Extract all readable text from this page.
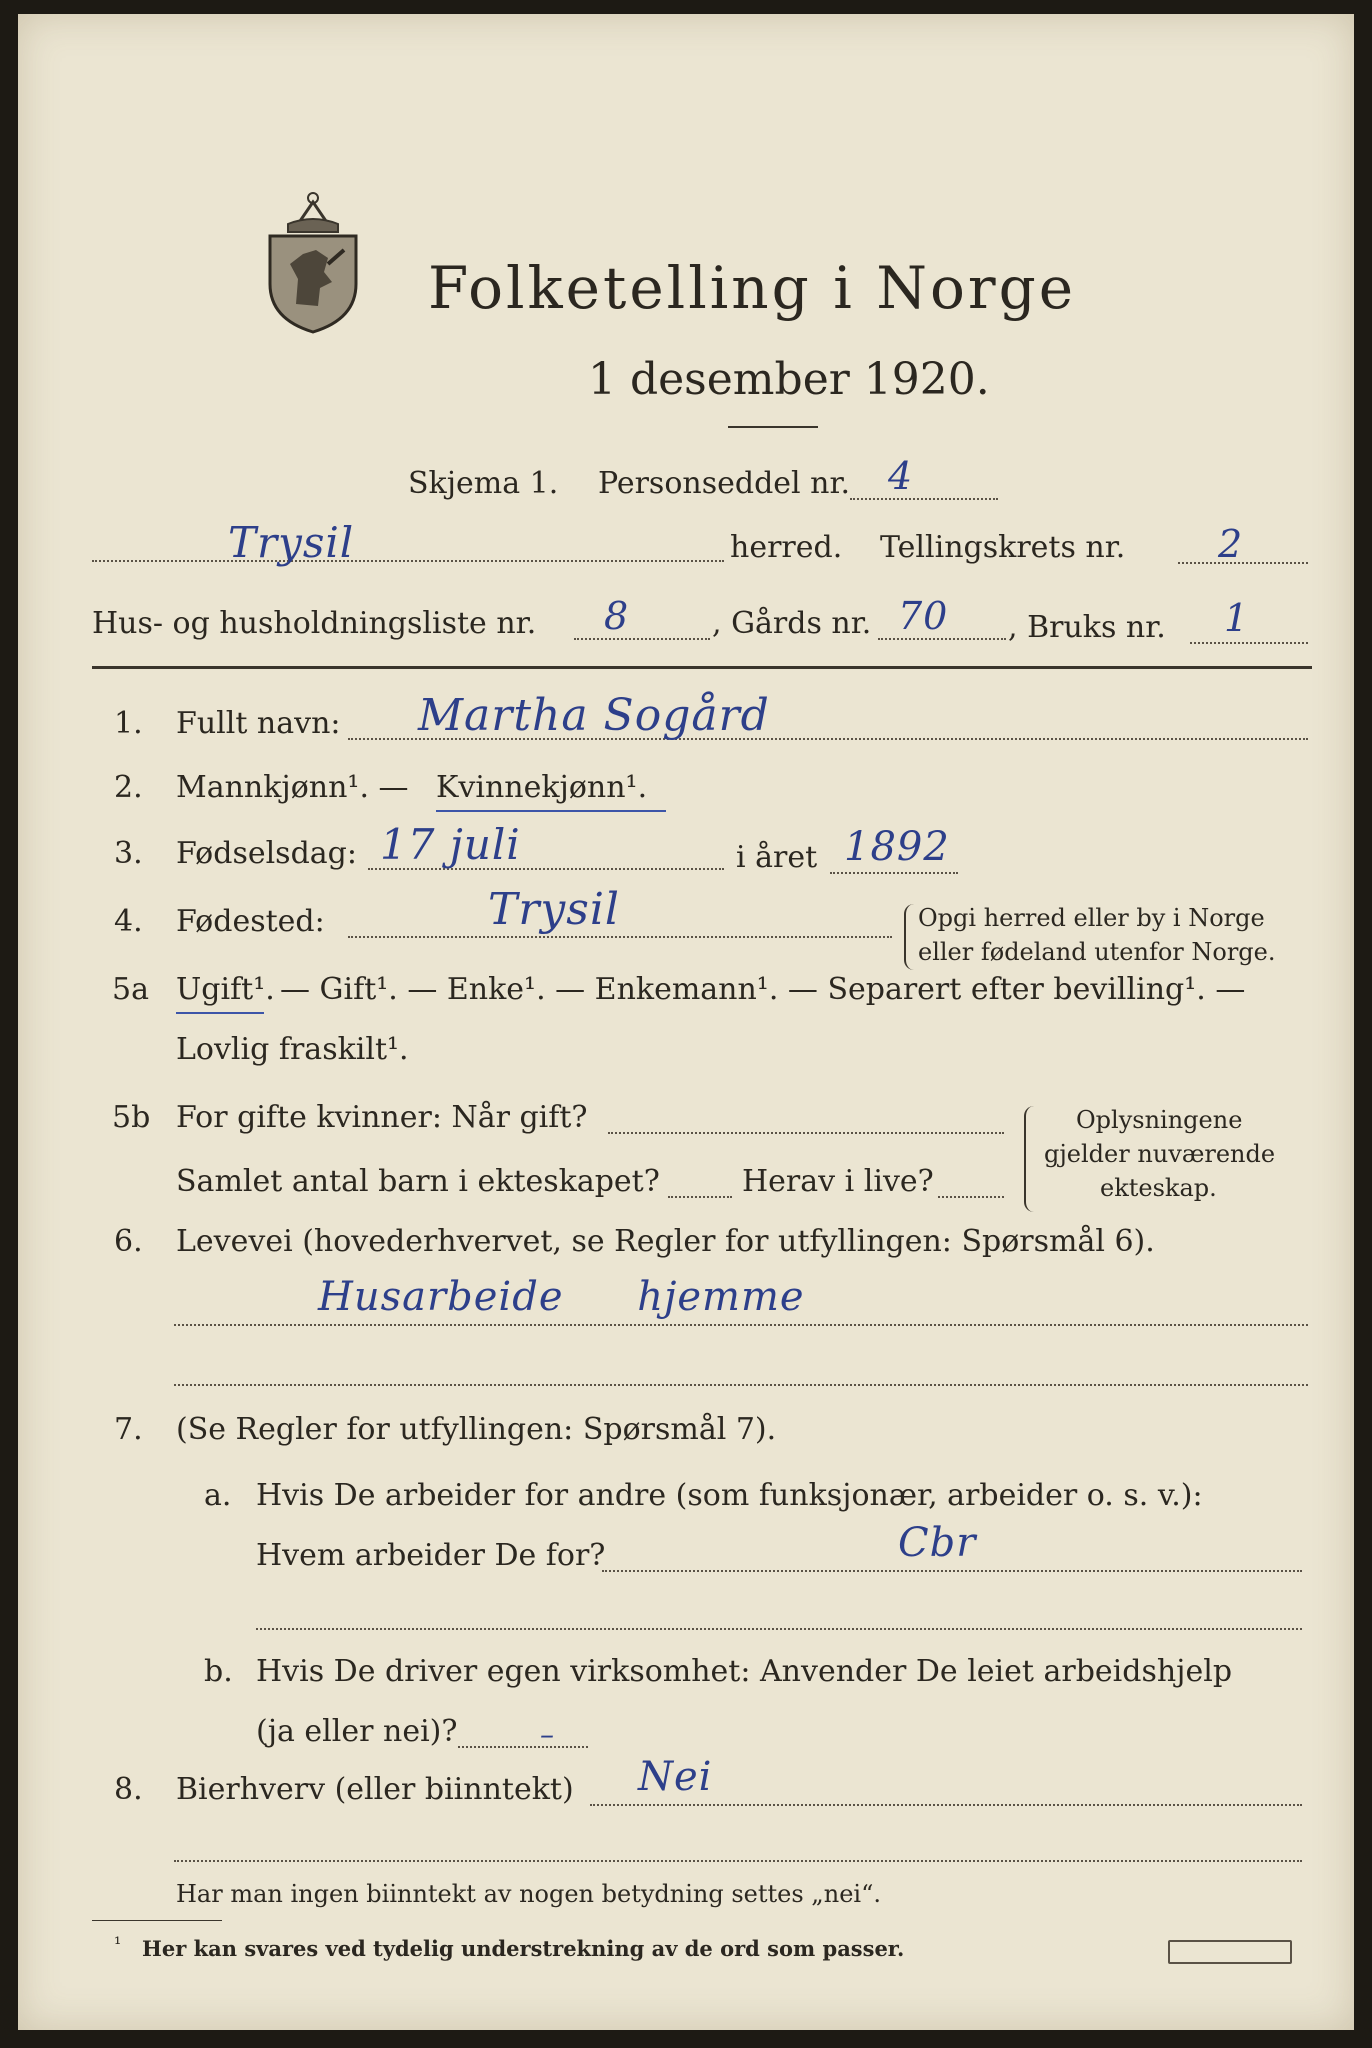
Folketelling i Norge
1 desember 1920.
Skjema 1. Personseddel nr. 4
Trysil	herred. Tellingskrets nr. 2
Hus- og husholdningsliste nr. 8	, Gårds nr. 70 , Bruks nr. 1
1. Fullt navn: Martha Sogård
2. Mannkjønn¹. — Kvinnekjønn¹.
3. Fødselsdag: 17 juli	i året 1892
4. Fødested:	Trysil	Opgi herred eller by i Norge
eller fødeland utenfor Norge.
5a Ugift¹. — Gift¹. — Enke¹. — Enkemann¹. — Separert efter bevilling¹. —
Lovlig fraskilt¹.
5b For gifte kvinner: Når gift?
Samlet antal barn i ekteskapet?	Herav i live?
Oplysningene
gjelder nuværende
ekteskap.
6. Levevei (hovederhvervet, se Regler for utfyllingen: Spørsmål 6).
Husarbeide hjemme
7. (Se Regler for utfyllingen: Spørsmål 7).
a. Hvis De arbeider for andre (som funksjonær, arbeider o. s. v.):
Hvem arbeider De for?	Cbr
b. Hvis De driver egen virksomhet: Anvender De leiet arbeidshjelp
(ja eller nei)?	–
8. Bierhverv (eller biinntekt) Nei
Har man ingen biinntekt av nogen betydning settes „nei“.
¹ Her kan svares ved tydelig understrekning av de ord som passer.
